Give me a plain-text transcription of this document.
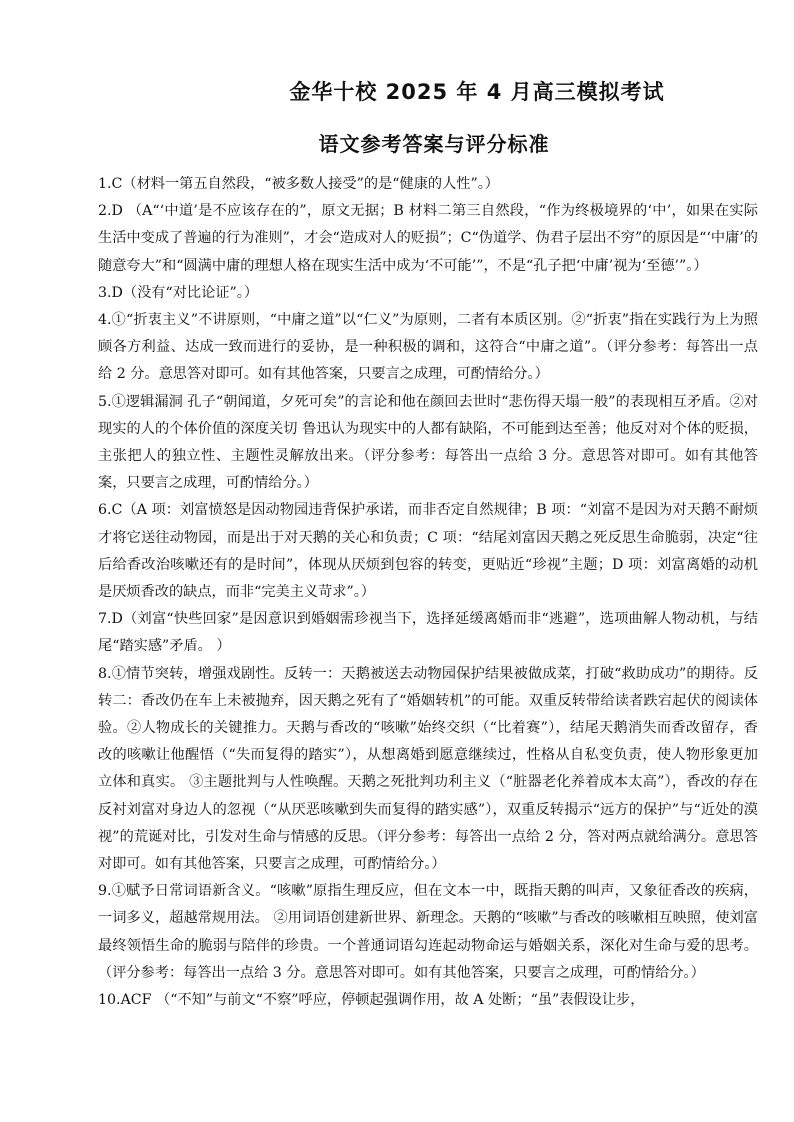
金华十校 2025 年 4 月高三模拟考试
语文参考答案与评分标准

1.C（材料一第五自然段，“被多数人接受”的是“健康的人性”。）

2.D （A“‘中道’是不应该存在的”，原文无据；B 材料二第三自然段，“作为终极境界的‘中’，如果在实际生活中变成了普遍的行为准则”，才会“造成对人的贬损”；C“伪道学、伪君子层出不穷”的原因是“‘中庸’的随意夸大”和“圆满中庸的理想人格在现实生活中成为‘不可能’”，不是“孔子把‘中庸’视为‘至德’”。）

3.D（没有“对比论证”。）

4.①“折衷主义”不讲原则，“中庸之道”以“仁义”为原则，二者有本质区别。②“折衷”指在实践行为上为照顾各方利益、达成一致而进行的妥协，是一种积极的调和，这符合“中庸之道”。（评分参考：每答出一点给 2 分。意思答对即可。如有其他答案，只要言之成理，可酌情给分。）

5.①逻辑漏洞 孔子“朝闻道，夕死可矣”的言论和他在颜回去世时“悲伤得天塌一般”的表现相互矛盾。②对现实的人的个体价值的深度关切 鲁迅认为现实中的人都有缺陷，不可能到达至善；他反对对个体的贬损，主张把人的独立性、主题性灵解放出来。（评分参考：每答出一点给 3 分。意思答对即可。如有其他答案，只要言之成理，可酌情给分。）

6.C（A 项：刘富愤怒是因动物园违背保护承诺，而非否定自然规律；B 项：“刘富不是因为对天鹅不耐烦才将它送往动物园，而是出于对天鹅的关心和负责；C 项：“结尾刘富因天鹅之死反思生命脆弱，决定“往后给香改治咳嗽还有的是时间”，体现从厌烦到包容的转变，更贴近“珍视”主题；D 项：刘富离婚的动机是厌烦香改的缺点，而非“完美主义苛求”。）

7.D（刘富“快些回家”是因意识到婚姻需珍视当下，选择延缓离婚而非“逃避”，选项曲解人物动机，与结尾“踏实感”矛盾。 ）

8.①情节突转，增强戏剧性。反转一：天鹅被送去动物园保护结果被做成菜，打破“救助成功”的期待。反转二：香改仍在车上未被抛弃，因天鹅之死有了“婚姻转机”的可能。双重反转带给读者跌宕起伏的阅读体验。②人物成长的关键推力。天鹅与香改的“咳嗽”始终交织（“比着赛”），结尾天鹅消失而香改留存，香改的咳嗽让他醒悟（“失而复得的踏实”），从想离婚到愿意继续过，性格从自私变负责，使人物形象更加立体和真实。 ③主题批判与人性唤醒。天鹅之死批判功利主义（“脏器老化养着成本太高”），香改的存在反衬刘富对身边人的忽视（“从厌恶咳嗽到失而复得的踏实感”），双重反转揭示“远方的保护”与“近处的漠视”的荒诞对比，引发对生命与情感的反思。（评分参考：每答出一点给 2 分，答对两点就给满分。意思答对即可。如有其他答案，只要言之成理，可酌情给分。）

9.①赋予日常词语新含义。“咳嗽”原指生理反应，但在文本一中，既指天鹅的叫声，又象征香改的疾病，一词多义，超越常规用法。 ②用词语创建新世界、新理念。天鹅的“咳嗽”与香改的咳嗽相互映照，使刘富最终领悟生命的脆弱与陪伴的珍贵。一个普通词语勾连起动物命运与婚姻关系，深化对生命与爱的思考。（评分参考：每答出一点给 3 分。意思答对即可。如有其他答案，只要言之成理，可酌情给分。）

10.ACF （“不知”与前文“不察”呼应，停顿起强调作用，故 A 处断；“虽”表假设让步，
